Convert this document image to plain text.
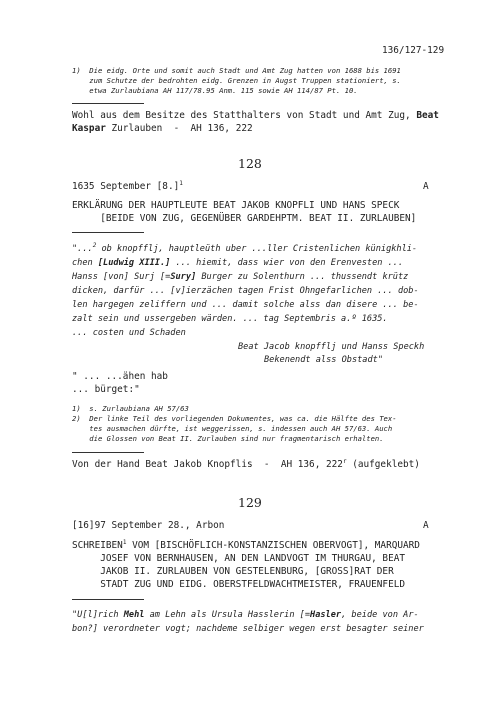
136/127-129
1)  Die eidg. Orte und somit auch Stadt und Amt Zug hatten von 1688 bis 1691
zum Schutze der bedrohten eidg. Grenzen in Augst Truppen stationiert, s.
etwa Zurlaubiana AH 117/78.95 Anm. 115 sowie AH 114/87 Pt. 10.
Wohl aus dem Besitze des Statthalters von Stadt und Amt Zug, Beat
Kaspar Zurlauben  -  AH 136, 222
128
1635 September $[8.]^1$	A
ERKLÄRUNG DER HAUPTLEUTE BEAT JAKOB KNOPFLI UND HANS SPECK
[BEIDE VON ZUG, GEGENÜBER GARDEHPTM. BEAT II. ZURLAUBEN]
"...$^2$ ob knopfflj, hauptleüth uber ...ller Cristenlichen künigkhli-
chen [Ludwig XIII.] ... hiemit, dass wier von den Erenvesten ...
Hanss [von] Surj [=Sury] Burger zu Solenthurn ... thussendt krütz
dicken, darfür ... [v]ierzächen tagen Frist Ohngefarlichen ... dob-
len hargegen zeliffern und ... damit solche alss dan disere ... be-
zalt sein und ussergeben wärden. ... tag Septembris a.º 1635.
... costen und Schaden
Beat Jacob knopfflj und Hanss Speckh
Bekenendt alss Obstadt"
" ... ...ähen hab
... bürget:"
1)  s. Zurlaubiana AH 57/63
2)  Der linke Teil des vorliegenden Dokumentes, was ca. die Hälfte des Tex-
tes ausmachen dürfte, ist weggerissen, s. indessen auch AH 57/63. Auch
die Glossen von Beat II. Zurlauben sind nur fragmentarisch erhalten.
Von der Hand Beat Jakob Knopflis  -  AH 136, 222$^r$ (aufgeklebt)
129
[16]97 September 28., Arbon	A
SCHREIBEN$^1$ VOM [BISCHÖFLICH-KONSTANZISCHEN OBERVOGT], MARQUARD
JOSEF VON BERNHAUSEN, AN DEN LANDVOGT IM THURGAU, BEAT
JAKOB II. ZURLAUBEN VON GESTELENBURG, [GROSS]RAT DER
STADT ZUG UND EIDG. OBERSTFELDWACHTMEISTER, FRAUENFELD
"U[l]rich Mehl am Lehn als Ursula Hasslerin [=Hasler, beide von Ar-
bon?] verordneter vogt; nachdeme selbiger wegen erst besagter seiner
